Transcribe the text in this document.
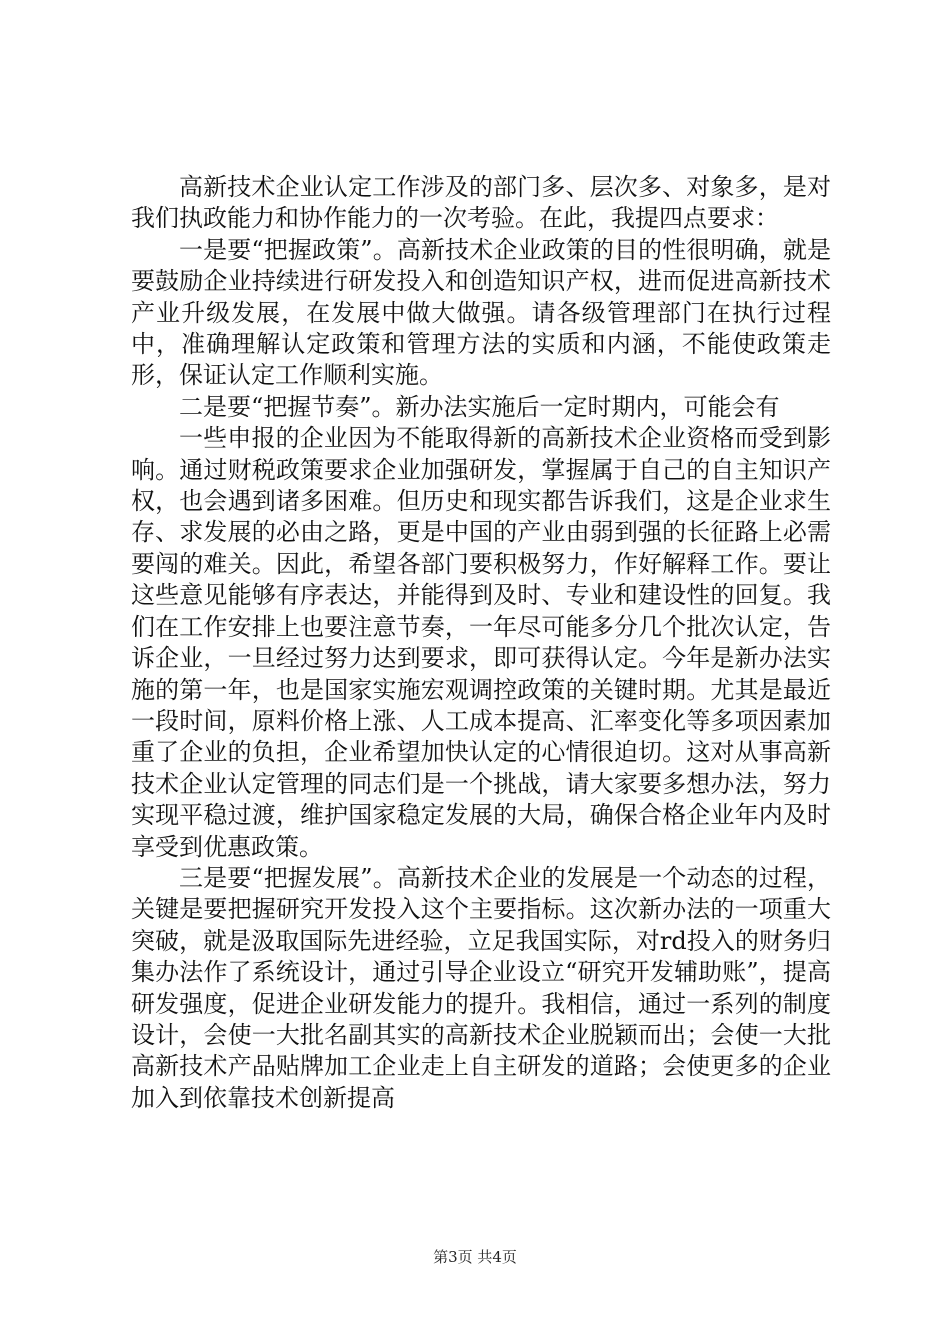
高新技术企业认定工作涉及的部门多、层次多、对象多，是对我们执政能力和协作能力的一次考验。在此，我提四点要求：

一是要“把握政策”。高新技术企业政策的目的性很明确，就是要鼓励企业持续进行研发投入和创造知识产权，进而促进高新技术产业升级发展，在发展中做大做强。请各级管理部门在执行过程中，准确理解认定政策和管理方法的实质和内涵，不能使政策走形，保证认定工作顺利实施。

二是要“把握节奏”。新办法实施后一定时期内，可能会有

一些申报的企业因为不能取得新的高新技术企业资格而受到影响。通过财税政策要求企业加强研发，掌握属于自己的自主知识产权，也会遇到诸多困难。但历史和现实都告诉我们，这是企业求生存、求发展的必由之路，更是中国的产业由弱到强的长征路上必需要闯的难关。因此，希望各部门要积极努力，作好解释工作。要让这些意见能够有序表达，并能得到及时、专业和建设性的回复。我们在工作安排上也要注意节奏，一年尽可能多分几个批次认定，告诉企业，一旦经过努力达到要求，即可获得认定。今年是新办法实施的第一年，也是国家实施宏观调控政策的关键时期。尤其是最近一段时间，原料价格上涨、人工成本提高、汇率变化等多项因素加重了企业的负担，企业希望加快认定的心情很迫切。这对从事高新技术企业认定管理的同志们是一个挑战，请大家要多想办法，努力实现平稳过渡，维护国家稳定发展的大局，确保合格企业年内及时享受到优惠政策。

三是要“把握发展”。高新技术企业的发展是一个动态的过程，关键是要把握研究开发投入这个主要指标。这次新办法的一项重大突破，就是汲取国际先进经验，立足我国实际，对rd投入的财务归集办法作了系统设计，通过引导企业设立“研究开发辅助账”，提高研发强度，促进企业研发能力的提升。我相信，通过一系列的制度设计，会使一大批名副其实的高新技术企业脱颖而出；会使一大批高新技术产品贴牌加工企业走上自主研发的道路；会使更多的企业加入到依靠技术创新提高

第3页 共4页
